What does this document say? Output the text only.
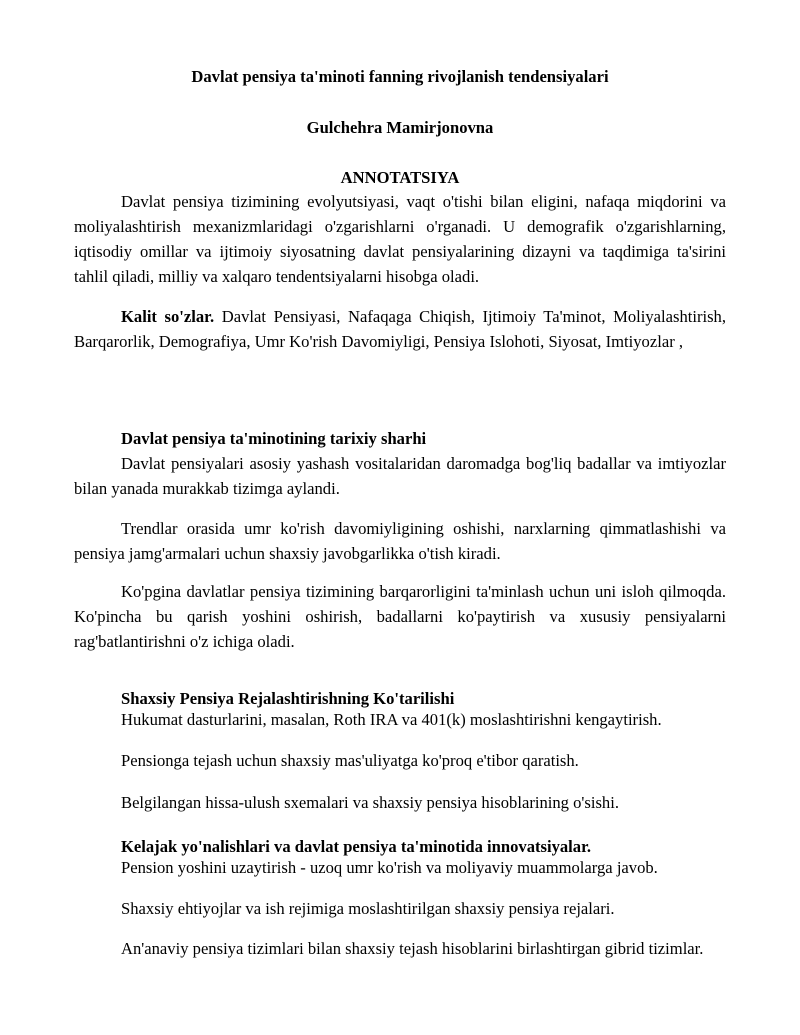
Davlat pensiya ta'minoti fanning rivojlanish tendensiyalari
Gulchehra Mamirjonovna
ANNOTATSIYA

Davlat pensiya tizimining evolyutsiyasi, vaqt o'tishi bilan eligini, nafaqa miqdorini va moliyalashtirish mexanizmlaridagi o'zgarishlarni o'rganadi. U demografik o'zgarishlarning, iqtisodiy omillar va ijtimoiy siyosatning davlat pensiyalarining dizayni va taqdimiga ta'sirini tahlil qiladi, milliy va xalqaro tendentsiyalarni hisobga oladi.

Kalit so'zlar. Davlat Pensiyasi, Nafaqaga Chiqish, Ijtimoiy Ta'minot, Moliyalashtirish, Barqarorlik, Demografiya, Umr Ko'rish Davomiyligi, Pensiya Islohoti, Siyosat, Imtiyozlar ,

Davlat pensiya ta'minotining tarixiy sharhi

Davlat pensiyalari asosiy yashash vositalaridan daromadga bog'liq badallar va imtiyozlar bilan yanada murakkab tizimga aylandi.

Trendlar orasida umr ko'rish davomiyligining oshishi, narxlarning qimmatlashishi va pensiya jamg'armalari uchun shaxsiy javobgarlikka o'tish kiradi.

Ko'pgina davlatlar pensiya tizimining barqarorligini ta'minlash uchun uni isloh qilmoqda. Ko'pincha bu qarish yoshini oshirish, badallarni ko'paytirish va xususiy pensiyalarni rag'batlantirishni o'z ichiga oladi.

Shaxsiy Pensiya Rejalashtirishning Ko'tarilishi
Hukumat dasturlarini, masalan, Roth IRA va 401(k) moslashtirishni kengaytirish.
Pensionga tejash uchun shaxsiy mas'uliyatga ko'proq e'tibor qaratish.
Belgilangan hissa-ulush sxemalari va shaxsiy pensiya hisoblarining o'sishi.
Kelajak yo'nalishlari va davlat pensiya ta'minotida innovatsiyalar.
Pension yoshini uzaytirish - uzoq umr ko'rish va moliyaviy muammolarga javob.
Shaxsiy ehtiyojlar va ish rejimiga moslashtirilgan shaxsiy pensiya rejalari.

An'anaviy pensiya tizimlari bilan shaxsiy tejash hisoblarini birlashtirgan gibrid tizimlar.
